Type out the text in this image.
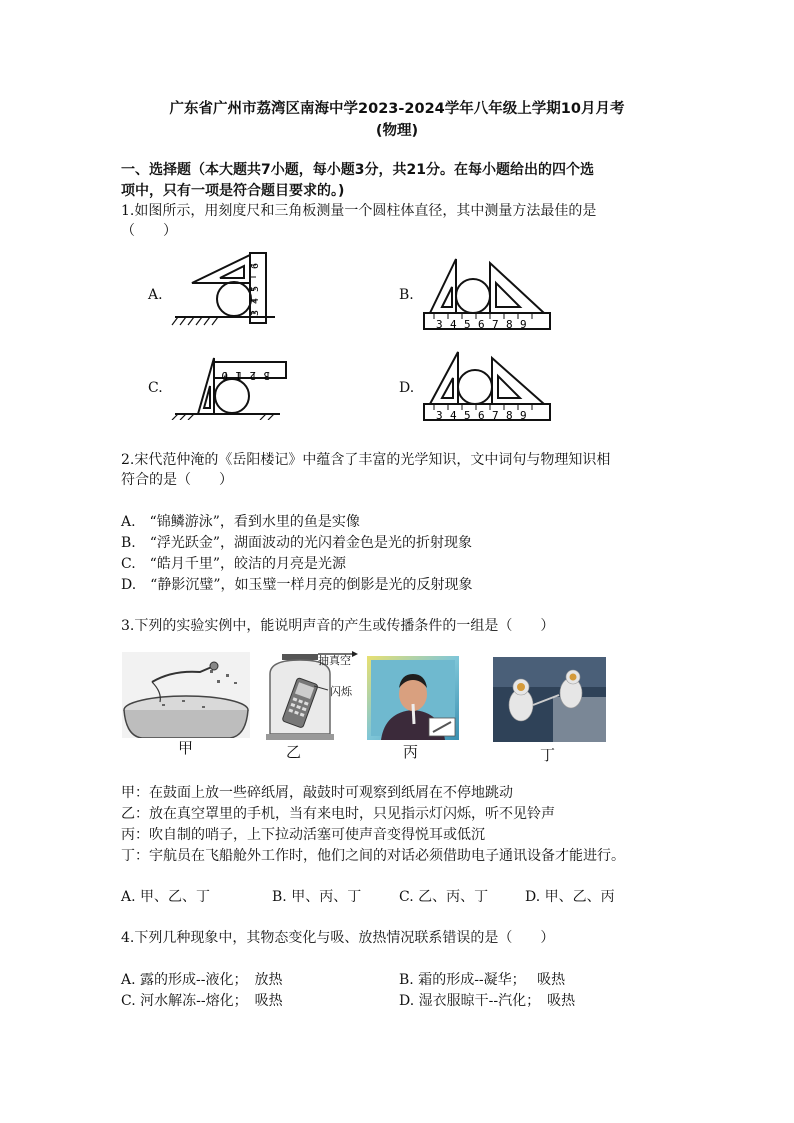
广东省广州市荔湾区南海中学2023-2024学年八年级上学期10月月考
(物理)
一、选择题（本大题共7小题，每小题3分，共21分。在每小题给出的四个选
项中，只有一项是符合题目要求的。)
1.如图所示，用刻度尺和三角板测量一个圆柱体直径，其中测量方法最佳的是
（　　）
A.	B.
C.	D.
3
4
5
6
3 4 5 6 7 8 9
3
2
1
0
3 4 5 6 7 8 9
2.宋代范仲淹的《岳阳楼记》中蕴含了丰富的光学知识，文中词句与物理知识相
符合的是（　　）
A.　“锦鳞游泳”，看到水里的鱼是实像
B.　“浮光跃金”，湖面波动的光闪着金色是光的折射现象
C.　“皓月千里”，皎洁的月亮是光源
D.　“静影沉璧”，如玉璧一样月亮的倒影是光的反射现象
3.下列的实验实例中，能说明声音的产生或传播条件的一组是（　　）
甲
抽真空
闪烁
乙	丙	丁
甲：在鼓面上放一些碎纸屑，敲鼓时可观察到纸屑在不停地跳动
乙：放在真空罩里的手机，当有来电时，只见指示灯闪烁，听不见铃声
丙：吹自制的哨子，上下拉动活塞可使声音变得悦耳或低沉
丁：宇航员在飞船舱外工作时，他们之间的对话必须借助电子通讯设备才能进行。
A. 甲、乙、丁	B. 甲、丙、丁	C. 乙、丙、丁	D. 甲、乙、丙
4.下列几种现象中，其物态变化与吸、放热情况联系错误的是（　　）
A. 露的形成--液化；　放热	B. 霜的形成--凝华；　 吸热
C. 河水解冻--熔化；　吸热	D. 湿衣服晾干--汽化；　吸热
